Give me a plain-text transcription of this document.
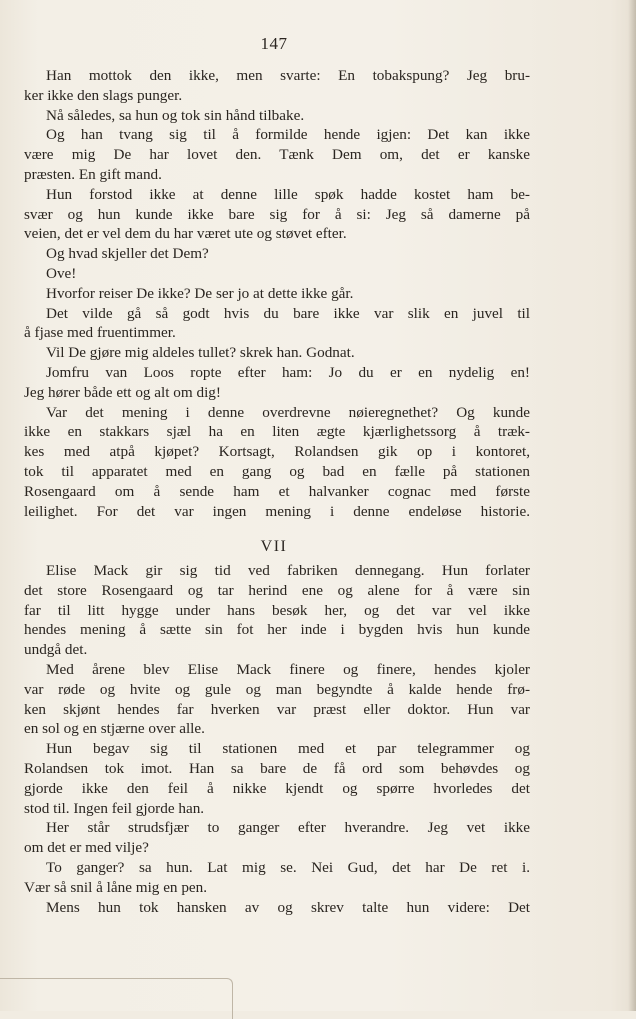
147
Han mottok den ikke, men svarte: En tobakspung? Jeg bru-
ker ikke den slags punger.
Nå således, sa hun og tok sin hånd tilbake.
Og han tvang sig til å formilde hende igjen: Det kan ikke
være mig De har lovet den. Tænk Dem om, det er kanske
præsten. En gift mand.
Hun forstod ikke at denne lille spøk hadde kostet ham be-
svær og hun kunde ikke bare sig for å si: Jeg så damerne på
veien, det er vel dem du har været ute og støvet efter.
Og hvad skjeller det Dem?
Ove!
Hvorfor reiser De ikke? De ser jo at dette ikke går.
Det vilde gå så godt hvis du bare ikke var slik en juvel til
å fjase med fruentimmer.
Vil De gjøre mig aldeles tullet? skrek han. Godnat.
Jomfru van Loos ropte efter ham: Jo du er en nydelig en!
Jeg hører både ett og alt om dig!
Var det mening i denne overdrevne nøieregnethet? Og kunde
ikke en stakkars sjæl ha en liten ægte kjærlighetssorg å træk-
kes med atpå kjøpet? Kortsagt, Rolandsen gik op i kontoret,
tok til apparatet med en gang og bad en fælle på stationen
Rosengaard om å sende ham et halvanker cognac med første
leilighet. For det var ingen mening i denne endeløse historie.
VII
Elise Mack gir sig tid ved fabriken dennegang. Hun forlater
det store Rosengaard og tar herind ene og alene for å være sin
far til litt hygge under hans besøk her, og det var vel ikke
hendes mening å sætte sin fot her inde i bygden hvis hun kunde
undgå det.
Med årene blev Elise Mack finere og finere, hendes kjoler
var røde og hvite og gule og man begyndte å kalde hende frø-
ken skjønt hendes far hverken var præst eller doktor. Hun var
en sol og en stjærne over alle.
Hun begav sig til stationen med et par telegrammer og
Rolandsen tok imot. Han sa bare de få ord som behøvdes og
gjorde ikke den feil å nikke kjendt og spørre hvorledes det
stod til. Ingen feil gjorde han.
Her står strudsfjær to ganger efter hverandre. Jeg vet ikke
om det er med vilje?
To ganger? sa hun. Lat mig se. Nei Gud, det har De ret i.
Vær så snil å låne mig en pen.
Mens hun tok hansken av og skrev talte hun videre: Det
